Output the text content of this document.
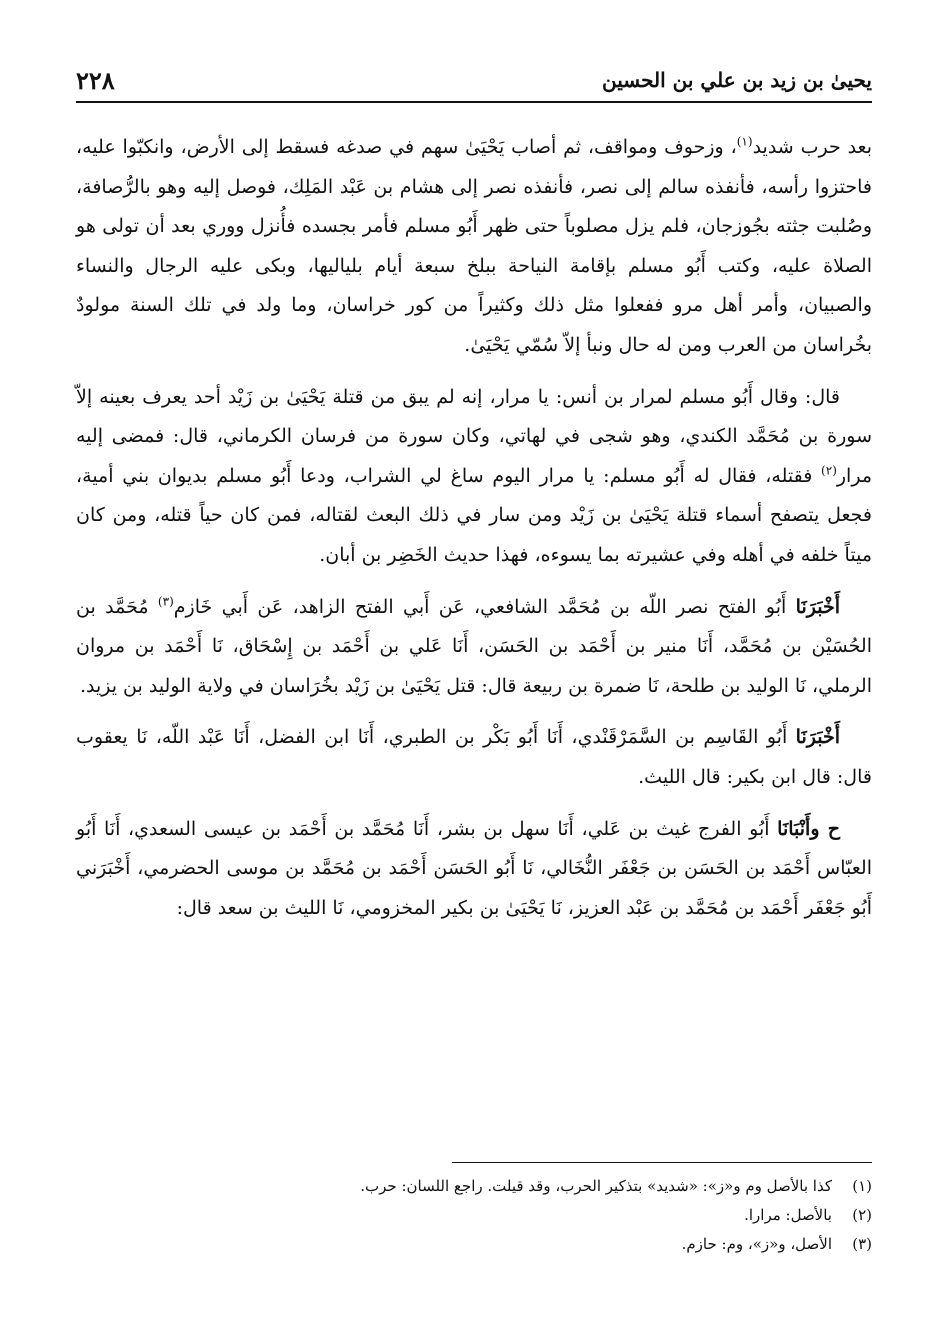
يحيىٰ بن زيد بن علي بن الحسين
٢٢٨

بعد حرب شديد$^{(١)}$، وزحوف ومواقف، ثم أصاب يَحْيَىٰ سهم في صدغه فسقط إلى الأرض، وانكبّوا عليه، فاحتزوا رأسه، فأنفذه سالم إلى نصر، فأنفذه نصر إلى هشام بن عَبْد المَلِك، فوصل إليه وهو بالرُّصافة، وصُلبت جثته بجُوزجان، فلم يزل مصلوباً حتى ظهر أَبُو مسلم فأمر بجسده فأُنزل ووري بعد أن تولى هو الصلاة عليه، وكتب أَبُو مسلم بإقامة النياحة ببلخ سبعة أيام بلياليها، وبكى عليه الرجال والنساء والصبيان، وأمر أهل مرو ففعلوا مثل ذلك وكثيراً من كور خراسان، وما ولد في تلك السنة مولودٌ بخُراسان من العرب ومن له حال ونبأ إلاّ سُمّي يَحْيَىٰ.

قال: وقال أَبُو مسلم لمرار بن أنس: يا مرار، إنه لم يبق من قتلة يَحْيَىٰ بن زَيْد أحد يعرف بعينه إلاّ سورة بن مُحَمَّد الكندي، وهو شجى في لهاتي، وكان سورة من فرسان الكرماني، قال: فمضى إليه مرار$^{(٢)}$ فقتله، فقال له أَبُو مسلم: يا مرار اليوم ساغ لي الشراب، ودعا أَبُو مسلم بديوان بني أمية، فجعل يتصفح أسماء قتلة يَحْيَىٰ بن زَيْد ومن سار في ذلك البعث لقتاله، فمن كان حياً قتله، ومن كان ميتاً خلفه في أهله وفي عشيرته بما يسوءه، فهذا حديث الخَضِر بن أبان.

أَخْبَرَنَا أَبُو الفتح نصر اللّه بن مُحَمَّد الشافعي، عَن أَبي الفتح الزاهد، عَن أَبي خَازم$^{(٣)}$ مُحَمَّد بن الحُسَيْن بن مُحَمَّد، أَنَا منير بن أَحْمَد بن الحَسَن، أَنَا عَلي بن أَحْمَد بن إِسْحَاق، نَا أَحْمَد بن مروان الرملي، نَا الوليد بن طلحة، نَا ضمرة بن ربيعة قال: قتل يَحْيَىٰ بن زَيْد بخُرَاسان في ولاية الوليد بن يزيد.

أَخْبَرَنَا أَبُو القَاسِم بن السَّمَرْقَنْدي، أَنَا أَبُو بَكْر بن الطبري، أَنَا ابن الفضل، أَنَا عَبْد اللّه، نَا يعقوب قال: قال ابن بكير: قال الليث.

ح وأَنْبَانَا أَبُو الفرج غيث بن عَلي، أَنَا سهل بن بشر، أَنَا مُحَمَّد بن أَحْمَد بن عيسى السعدي، أَنَا أَبُو العبّاس أَحْمَد بن الحَسَن بن جَعْفَر النُّخَالي، نَا أَبُو الحَسَن أَحْمَد بن مُحَمَّد بن موسى الحضرمي، أَخْبَرَني أَبُو جَعْفَر أَحْمَد بن مُحَمَّد بن عَبْد العزيز، نَا يَحْيَىٰ بن بكير المخزومي، نَا الليث بن سعد قال:

(١)
كذا بالأصل وم و«ز»: «شديد» بتذكير الحرب، وقد قيلت. راجع اللسان: حرب.
(٢)
بالأصل: مرارا.
(٣)
الأصل، و«ز»، وم: حازم.
